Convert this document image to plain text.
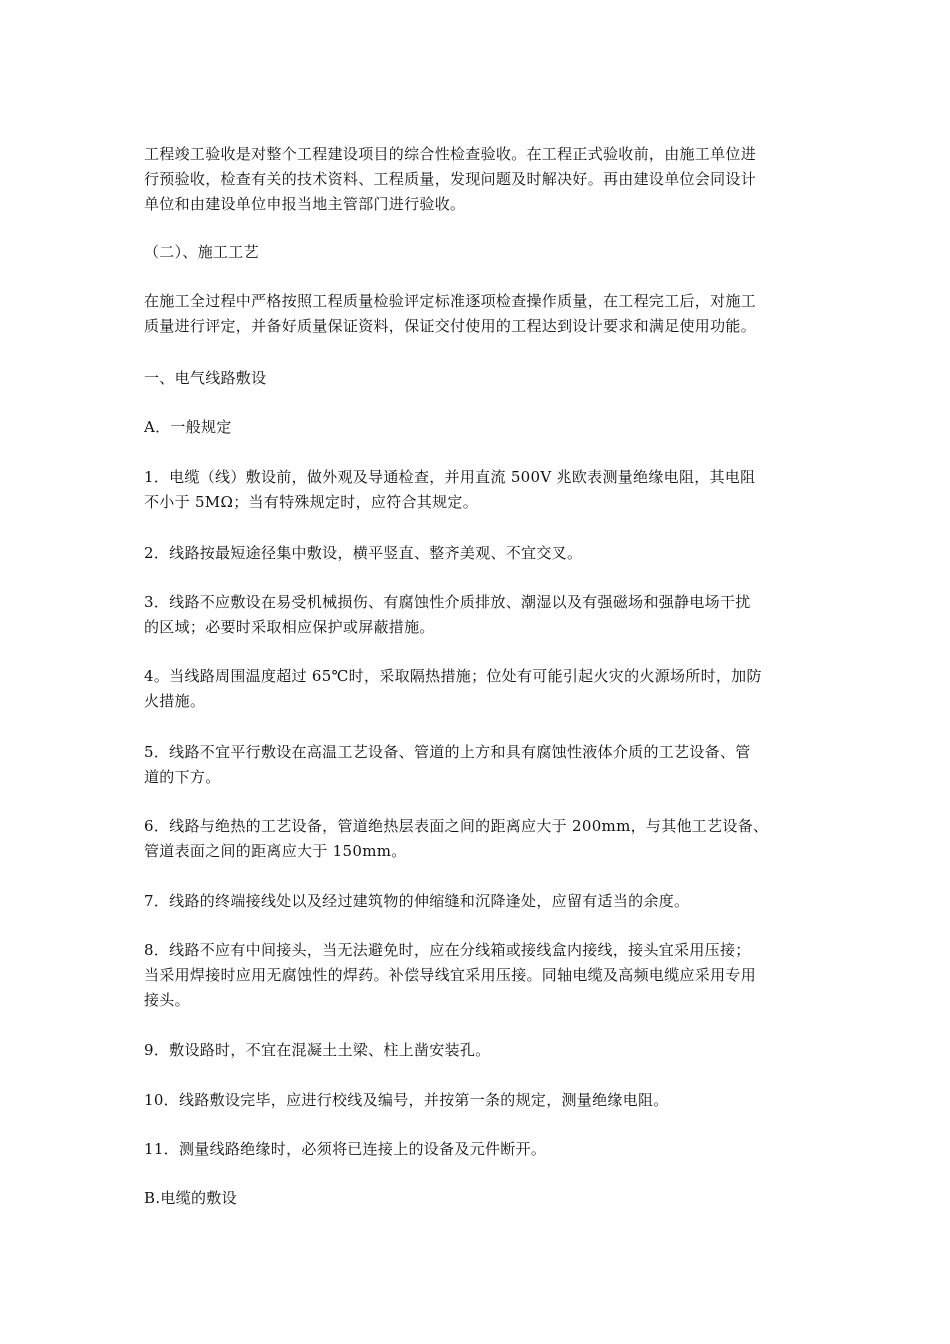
工程竣工验收是对整个工程建设项目的综合性检查验收。在工程正式验收前，由施工单位进
行预验收，检查有关的技术资料、工程质量，发现问题及时解决好。再由建设单位会同设计
单位和由建设单位申报当地主管部门进行验收。

（二）、施工工艺

在施工全过程中严格按照工程质量检验评定标准逐项检查操作质量，在工程完工后，对施工
质量进行评定，并备好质量保证资料，保证交付使用的工程达到设计要求和满足使用功能。

一、电气线路敷设

A．一般规定

1．电缆（线）敷设前，做外观及导通检查，并用直流 500V 兆欧表测量绝缘电阻，其电阻
不小于 5MΩ；当有特殊规定时，应符合其规定。

2．线路按最短途径集中敷设，横平竖直、整齐美观、不宜交叉。

3．线路不应敷设在易受机械损伤、有腐蚀性介质排放、潮湿以及有强磁场和强静电场干扰
的区域；必要时采取相应保护或屏蔽措施。

4。当线路周围温度超过 65℃时，采取隔热措施；位处有可能引起火灾的火源场所时，加防
火措施。

5．线路不宜平行敷设在高温工艺设备、管道的上方和具有腐蚀性液体介质的工艺设备、管
道的下方。

6．线路与绝热的工艺设备，管道绝热层表面之间的距离应大于 200mm，与其他工艺设备、
管道表面之间的距离应大于 150mm。

7．线路的终端接线处以及经过建筑物的伸缩缝和沉降逢处，应留有适当的余度。

8．线路不应有中间接头，当无法避免时，应在分线箱或接线盒内接线，接头宜采用压接；
当采用焊接时应用无腐蚀性的焊药。补偿导线宜采用压接。同轴电缆及高频电缆应采用专用
接头。

9．敷设路时，不宜在混凝土土梁、柱上凿安装孔。

10．线路敷设完毕，应进行校线及编号，并按第一条的规定，测量绝缘电阻。

11．测量线路绝缘时，必须将已连接上的设备及元件断开。

B.电缆的敷设
